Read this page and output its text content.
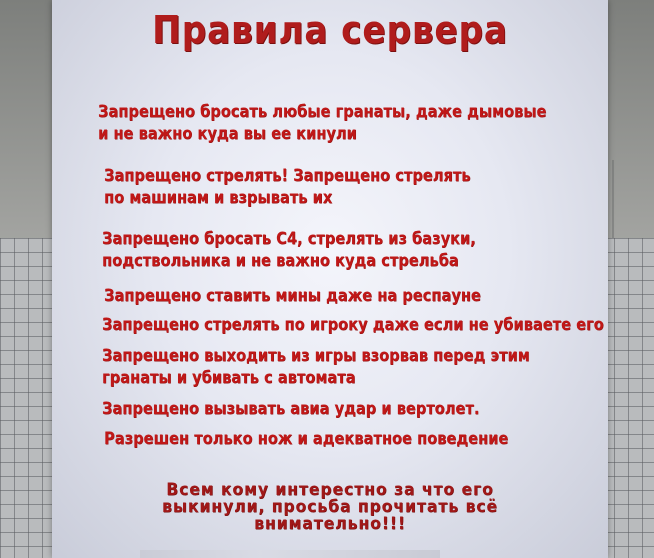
Правила сервера
Запрещено бросать любые гранаты, даже дымовые
и не важно куда вы ее кинули
Запрещено стрелять! Запрещено стрелять
по машинам и взрывать их
Запрещено бросать С4, стрелять из базуки,
подствольника и не важно куда стрельба
Запрещено ставить мины даже на респауне
Запрещено стрелять по игроку даже если не убиваете его
Запрещено выходить из игры взорвав перед этим
гранаты и убивать с автомата
Запрещено вызывать авиа удар и вертолет.
Разрешен только нож и адекватное поведение
Всем кому интерестно за что его
выкинули, просьба прочитать всё
внимательно!!!
